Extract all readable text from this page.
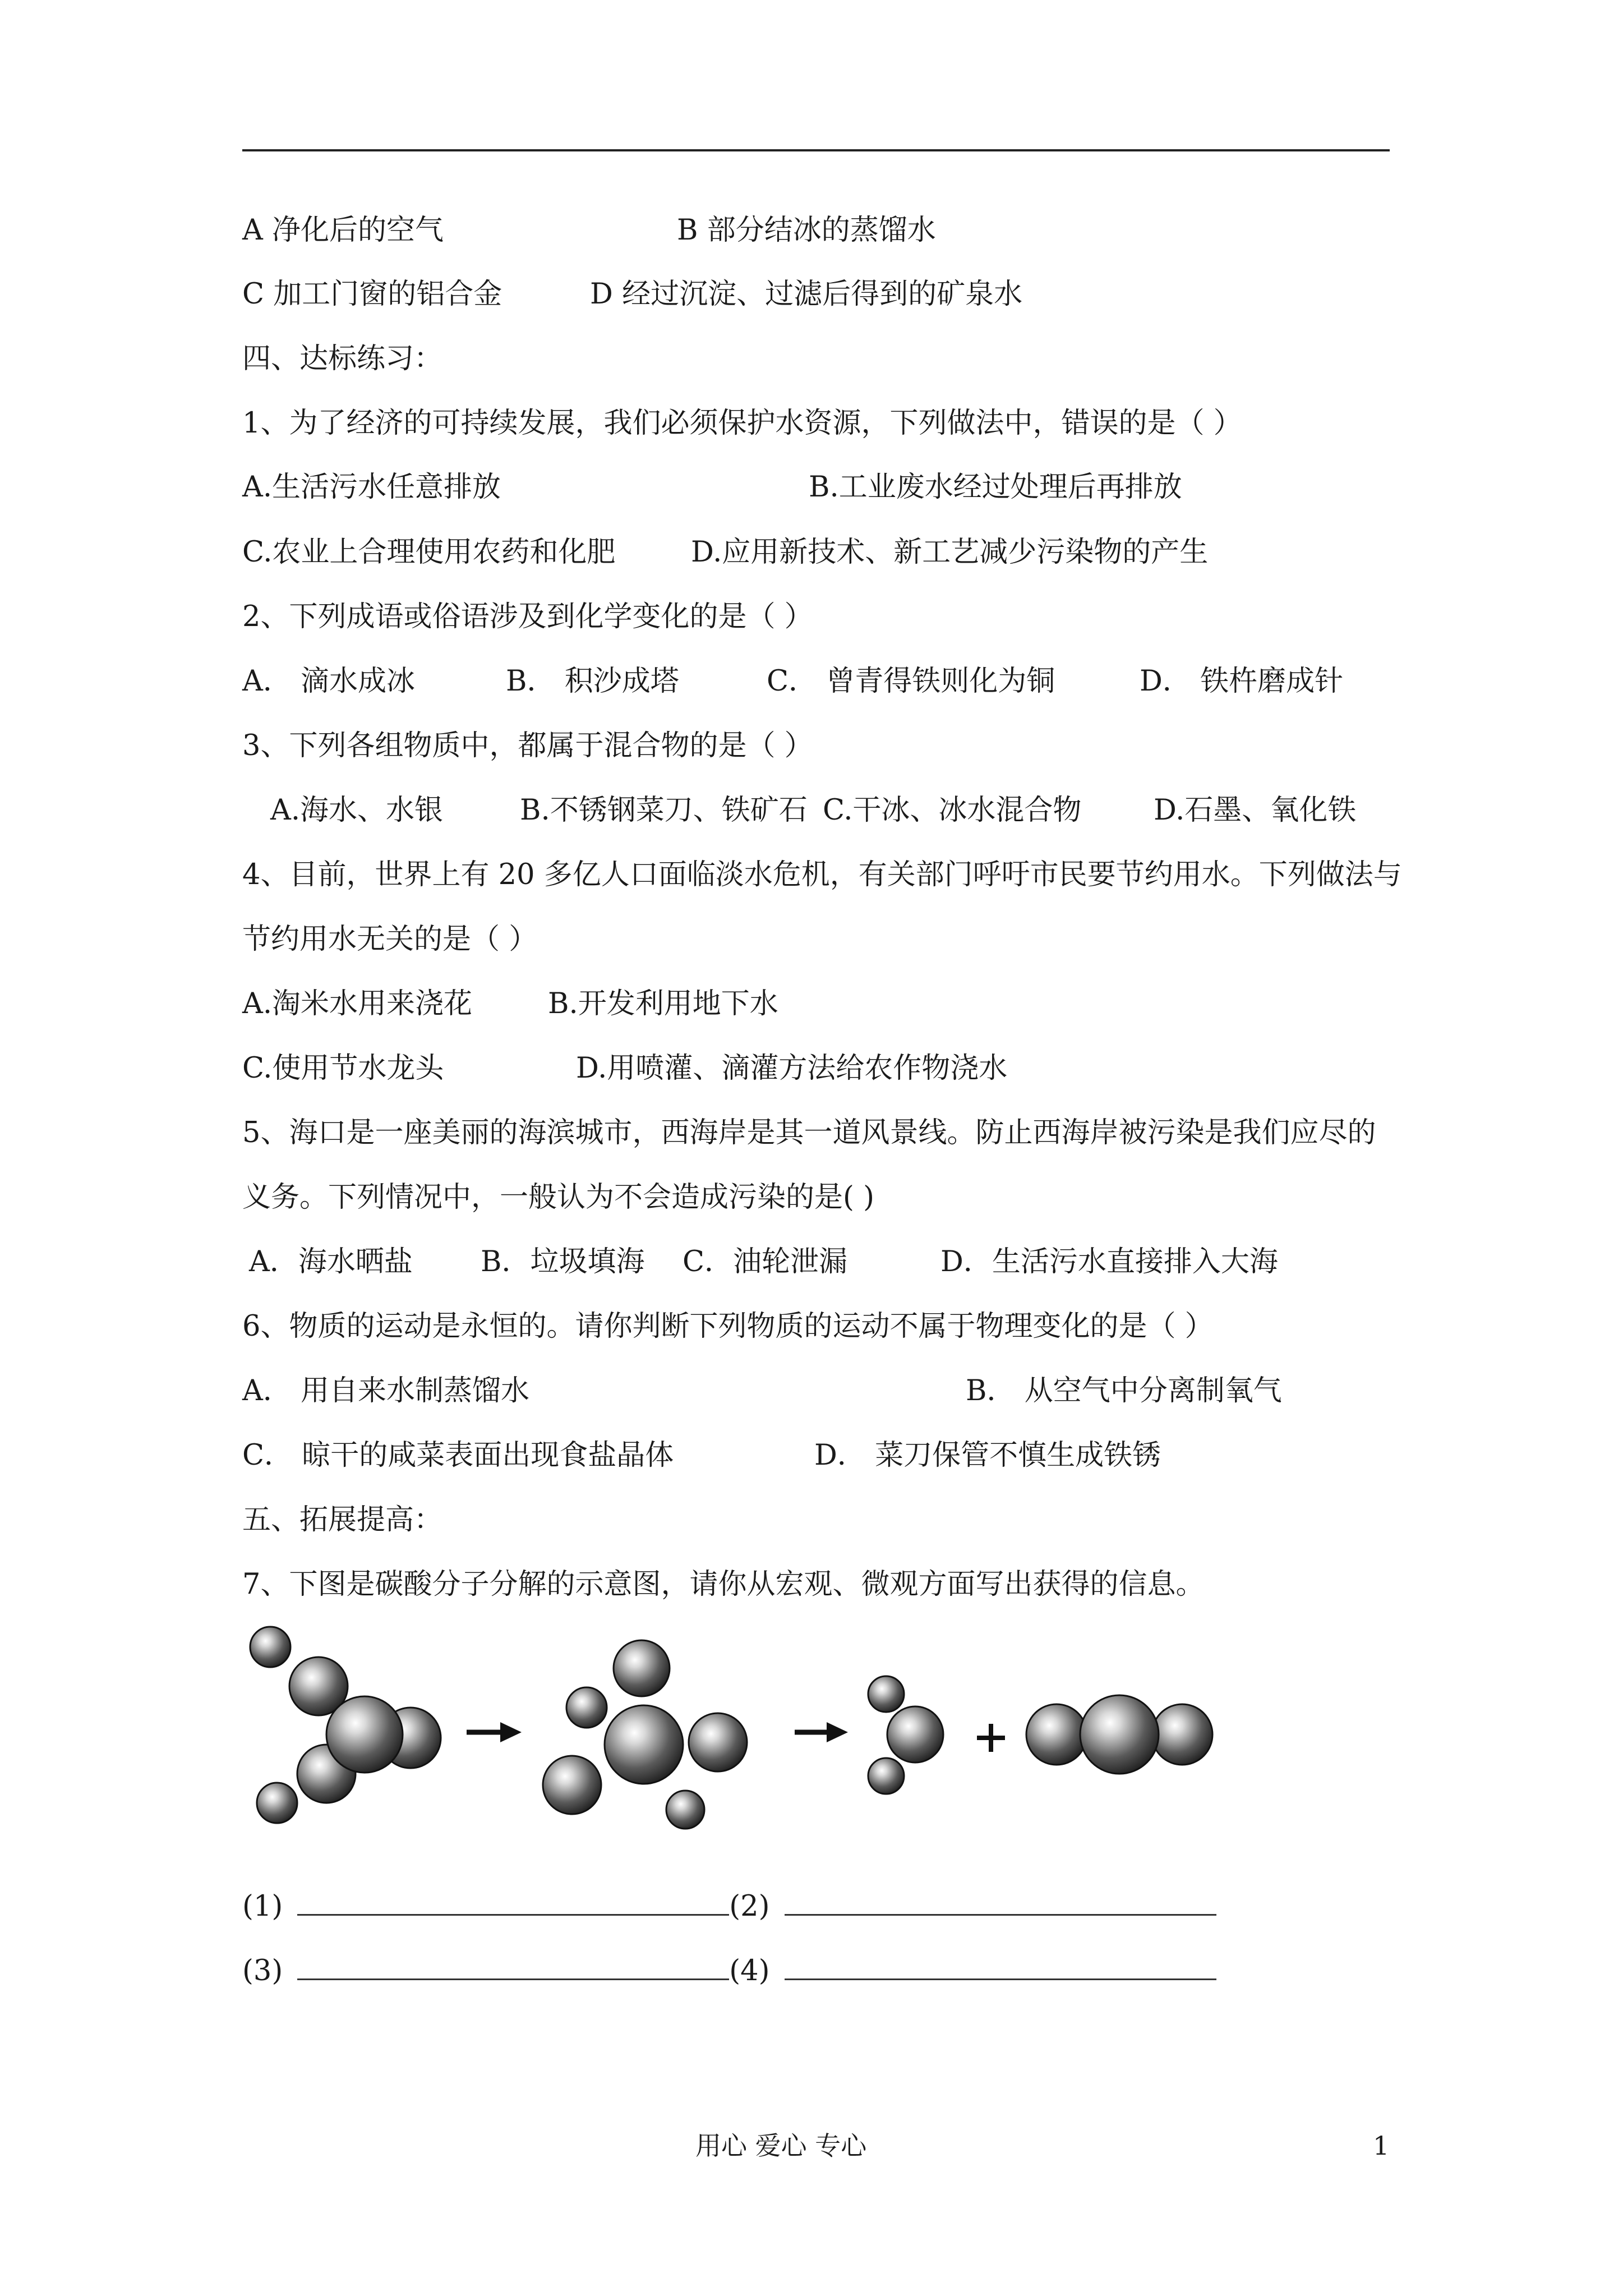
A 净化后的空气	B 部分结冰的蒸馏水
C 加工门窗的铝合金	D 经过沉淀、过滤后得到的矿泉水
四、达标练习：
1、为了经济的可持续发展，我们必须保护水资源，下列做法中，错误的是（ ）
A.生活污水任意排放	B.工业废水经过处理后再排放
C.农业上合理使用农药和化肥	D.应用新技术、新工艺减少污染物的产生
2、下列成语或俗语涉及到化学变化的是（ ）
A． 滴水成冰	B． 积沙成塔	C． 曾青得铁则化为铜	D． 铁杵磨成针
3、下列各组物质中，都属于混合物的是（ ）
A.海水、水银	B.不锈钢菜刀、铁矿石 C.干冰、冰水混合物	D.石墨、氧化铁
4、目前，世界上有 20 多亿人口面临淡水危机，有关部门呼吁市民要节约用水。下列做法与
节约用水无关的是（ ）
A.淘米水用来浇花	B.开发利用地下水
C.使用节水龙头	D.用喷灌、滴灌方法给农作物浇水
5、海口是一座美丽的海滨城市，西海岸是其一道风景线。防止西海岸被污染是我们应尽的
义务。下列情况中，一般认为不会造成污染的是( )
A．海水晒盐 B．垃圾填海 C．油轮泄漏	D．生活污水直接排入大海
6、物质的运动是永恒的。请你判断下列物质的运动不属于物理变化的是（ ）
A． 用自来水制蒸馏水	B． 从空气中分离制氧气
C． 晾干的咸菜表面出现食盐晶体	D． 菜刀保管不慎生成铁锈
五、拓展提高：
7、下图是碳酸分子分解的示意图，请你从宏观、微观方面写出获得的信息。
(1)	(2)
(3)	(4)
用心 爱心 专心	1
